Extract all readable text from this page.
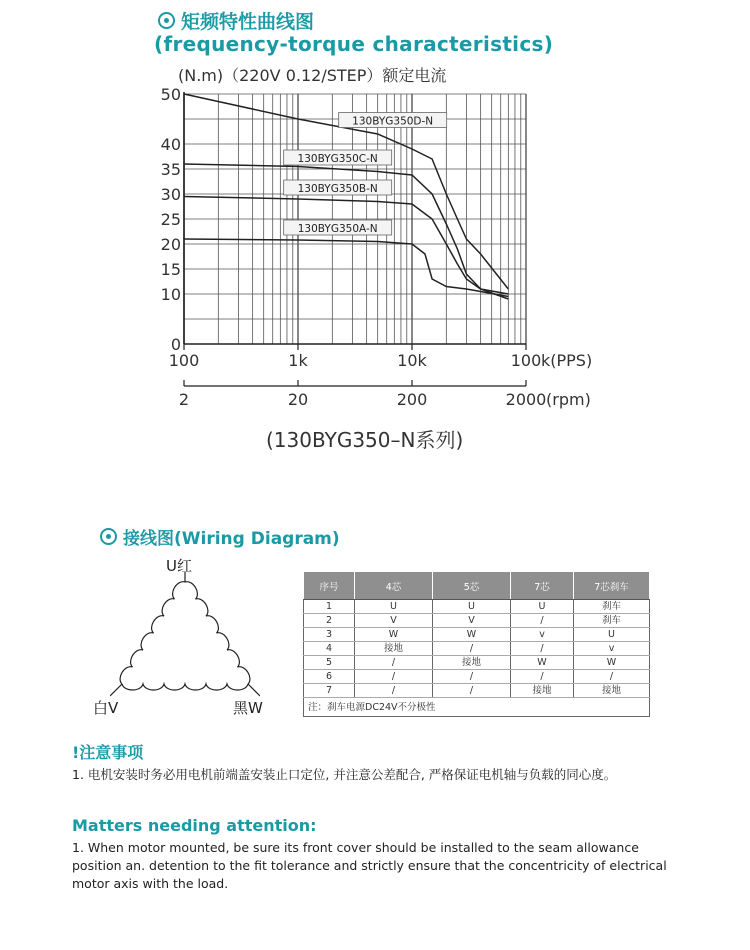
矩频特性曲线图
(frequency-torque characteristics)
130BYG350D-N
130BYG350C-N
130BYG350B-N
130BYG350A-N
0
10
15
20
25
30
35
40
50
100	1k	10k	100 k(PPS)
2	20	200	2000 (rpm)
(N.m)（220V 0.12/STEP）额定电流
(130BYG350–N系列)
接线图(Wiring Diagram)
U红
白V	黑W
序号	4芯	5芯	7芯	7芯刹车
1	U	U	U	刹车
2	V	V	/	刹车
3	W	W	v	U
4	接地	/	/	v
5	/	接地	W	W
6	/	/	/	/
7	/	/	接地	接地
注：刹车电源DC24V不分极性				
!注意事项
1. 电机安装时务必用电机前端盖安装止口定位, 并注意公差配合, 严格保证电机轴与负载的同心度。
Matters needing attention:
1. When motor mounted, be sure its front cover should be installed to the seam allowance position an. detention to the fit tolerance and strictly ensure that the concentricity of electrical motor axis with the load.
